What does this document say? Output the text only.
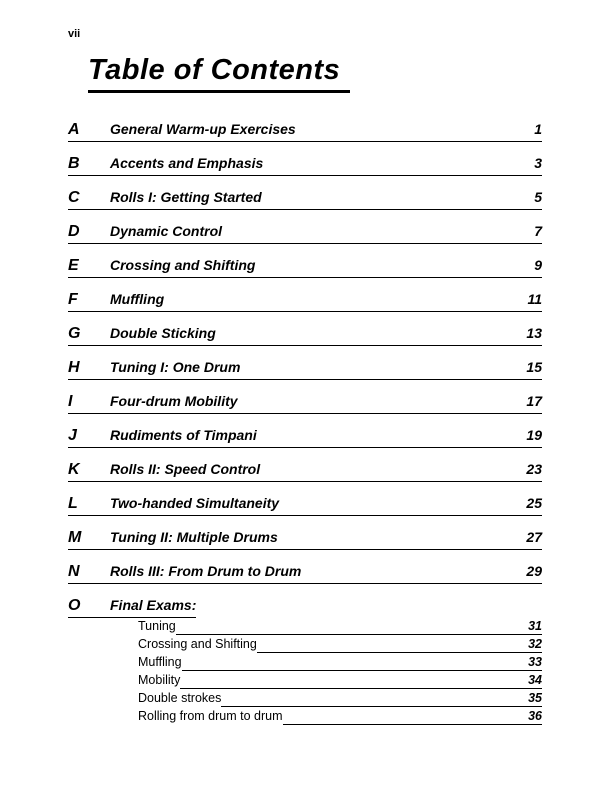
vii
Table of Contents
A	General Warm-up Exercises	1
B	Accents and Emphasis	3
C	Rolls I: Getting Started	5
D	Dynamic Control	7
E	Crossing and Shifting	9
F	Muffling	11
G	Double Sticking	13
H	Tuning I: One Drum	15
I	Four-drum Mobility	17
J	Rudiments of Timpani	19
K	Rolls II: Speed Control	23
L	Two-handed Simultaneity	25
M	Tuning II: Multiple Drums	27
N	Rolls III: From Drum to Drum	29
O	Final Exams:
Tuning	31
Crossing and Shifting	32
Muffling	33
Mobility	34
Double strokes	35
Rolling from drum to drum	36
